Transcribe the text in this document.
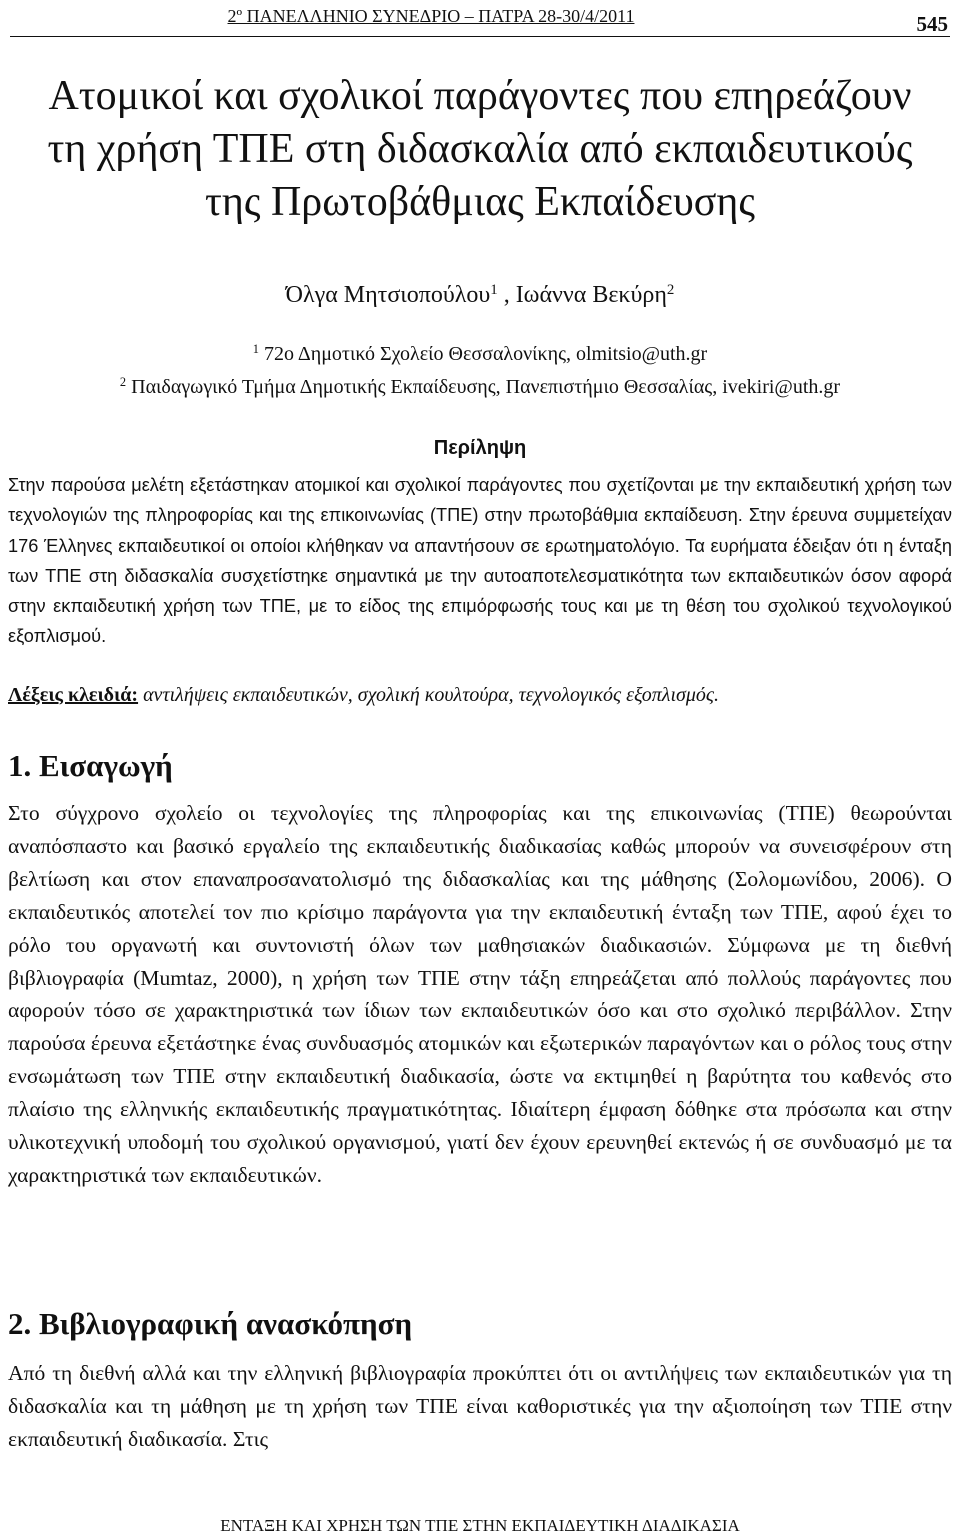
2º ΠΑΝΕΛΛΗΝΙΟ ΣΥΝΕΔΡΙΟ – ΠΑΤΡΑ 28-30/4/2011	545
Ατομικοί και σχολικοί παράγοντες που επηρεάζουν
τη χρήση ΤΠΕ στη διδασκαλία από εκπαιδευτικούς
της Πρωτοβάθμιας Εκπαίδευσης
Όλγα Μητσιοπούλου$^1$ , Ιωάννα Βεκύρη$^2$
$^1$ 72ο Δημοτικό Σχολείο Θεσσαλονίκης, olmitsio@uth.gr
$^2$ Παιδαγωγικό Τμήμα Δημοτικής Εκπαίδευσης, Πανεπιστήμιο Θεσσαλίας, ivekiri@uth.gr
Περίληψη
Στην παρούσα μελέτη εξετάστηκαν ατομικοί και σχολικοί παράγοντες που σχετίζονται με την εκπαιδευτική χρήση των τεχνολογιών της πληροφορίας και της επικοινωνίας (ΤΠΕ) στην πρωτοβάθμια εκπαίδευση. Στην έρευνα συμμετείχαν 176 Έλληνες εκπαιδευτικοί οι οποίοι κλήθηκαν να απαντήσουν σε ερωτηματολόγιο. Τα ευρήματα έδειξαν ότι η ένταξη των ΤΠΕ στη διδασκαλία συσχετίστηκε σημαντικά με την αυτοαποτελεσματικότητα των εκπαιδευτικών όσον αφορά στην εκπαιδευτική χρήση των ΤΠΕ, με το είδος της επιμόρφωσής τους και με τη θέση του σχολικού τεχνολογικού εξοπλισμού.
Λέξεις κλειδιά: αντιλήψεις εκπαιδευτικών, σχολική κουλτούρα, τεχνολογικός εξοπλισμός.
1. Εισαγωγή
Στο σύγχρονο σχολείο οι τεχνολογίες της πληροφορίας και της επικοινωνίας (ΤΠΕ) θεωρούνται αναπόσπαστο και βασικό εργαλείο της εκπαιδευτικής διαδικασίας καθώς μπορούν να συνεισφέρουν στη βελτίωση και στον επαναπροσανατολισμό της διδασκαλίας και της μάθησης (Σολομωνίδου, 2006). Ο εκπαιδευτικός αποτελεί τον πιο κρίσιμο παράγοντα για την εκπαιδευτική ένταξη των ΤΠΕ, αφού έχει το ρόλο του οργανωτή και συντονιστή όλων των μαθησιακών διαδικασιών. Σύμφωνα με τη διεθνή βιβλιογραφία (Mumtaz, 2000), η χρήση των ΤΠΕ στην τάξη επηρεάζεται από πολλούς παράγοντες που αφορούν τόσο σε χαρακτηριστικά των ίδιων των εκπαιδευτικών όσο και στο σχολικό περιβάλλον. Στην παρούσα έρευνα εξετάστηκε ένας συνδυασμός ατομικών και εξωτερικών παραγόντων και ο ρόλος τους στην ενσωμάτωση των ΤΠΕ στην εκπαιδευτική διαδικασία, ώστε να εκτιμηθεί η βαρύτητα του καθενός στο πλαίσιο της ελληνικής εκπαιδευτικής πραγματικότητας. Ιδιαίτερη έμφαση δόθηκε στα πρόσωπα και στην υλικοτεχνική υποδομή του σχολικού οργανισμού, γιατί δεν έχουν ερευνηθεί εκτενώς ή σε συνδυασμό με τα χαρακτηριστικά των εκπαιδευτικών.
2. Βιβλιογραφική ανασκόπηση
Από τη διεθνή αλλά και την ελληνική βιβλιογραφία προκύπτει ότι οι αντιλήψεις των εκπαιδευτικών για τη διδασκαλία και τη μάθηση με τη χρήση των ΤΠΕ είναι καθοριστικές για την αξιοποίηση των ΤΠΕ στην εκπαιδευτική διαδικασία. Στις
ΕΝΤΑΞΗ ΚΑΙ ΧΡΗΣΗ ΤΩΝ ΤΠΕ ΣΤΗΝ ΕΚΠΑΙΔΕΥΤΙΚΗ ΔΙΑΔΙΚΑΣΙΑ
